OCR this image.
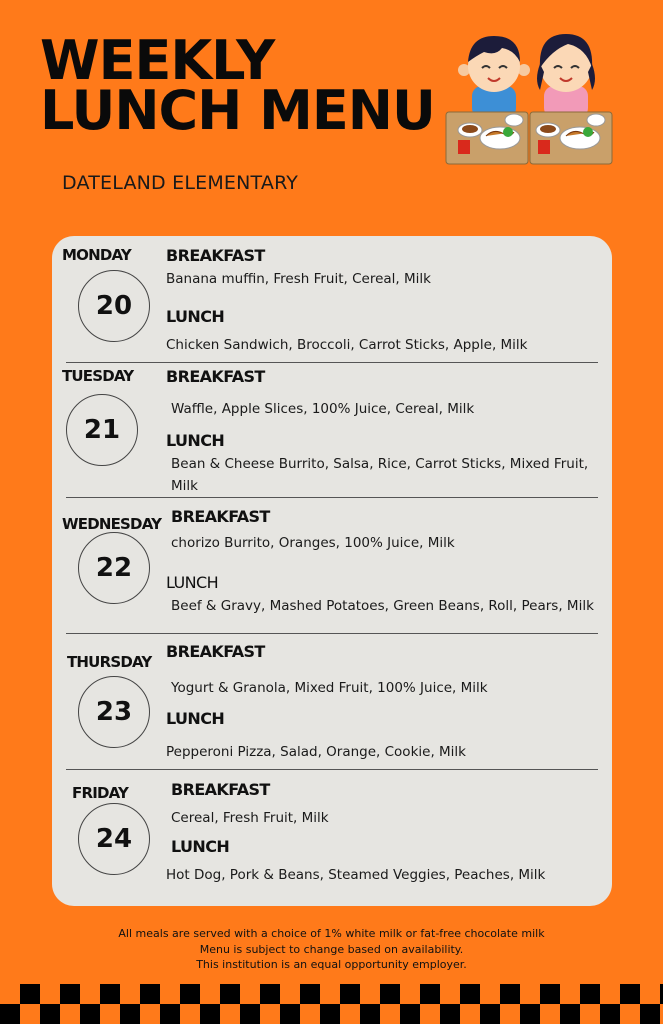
WEEKLY
LUNCH MENU
DATELAND ELEMENTARY
MONDAY
20
BREAKFAST
Banana muffin, Fresh Fruit, Cereal, Milk
LUNCH
Chicken Sandwich, Broccoli, Carrot Sticks, Apple, Milk
TUESDAY
21
BREAKFAST
Waffle, Apple Slices, 100% Juice, Cereal, Milk
LUNCH
Bean & Cheese Burrito, Salsa, Rice, Carrot Sticks, Mixed Fruit, Milk
WEDNESDAY
22
BREAKFAST
chorizo Burrito, Oranges, 100% Juice, Milk
LUNCH
Beef & Gravy, Mashed Potatoes, Green Beans, Roll, Pears, Milk
THURSDAY
23
BREAKFAST
Yogurt & Granola, Mixed Fruit, 100% Juice, Milk
LUNCH
Pepperoni Pizza, Salad, Orange, Cookie, Milk
FRIDAY
24
BREAKFAST
Cereal, Fresh Fruit, Milk
LUNCH
Hot Dog, Pork & Beans, Steamed Veggies, Peaches, Milk
All meals are served with a choice of 1% white milk or fat-free chocolate milk
Menu is subject to change based on availability.
This institution is an equal opportunity employer.
